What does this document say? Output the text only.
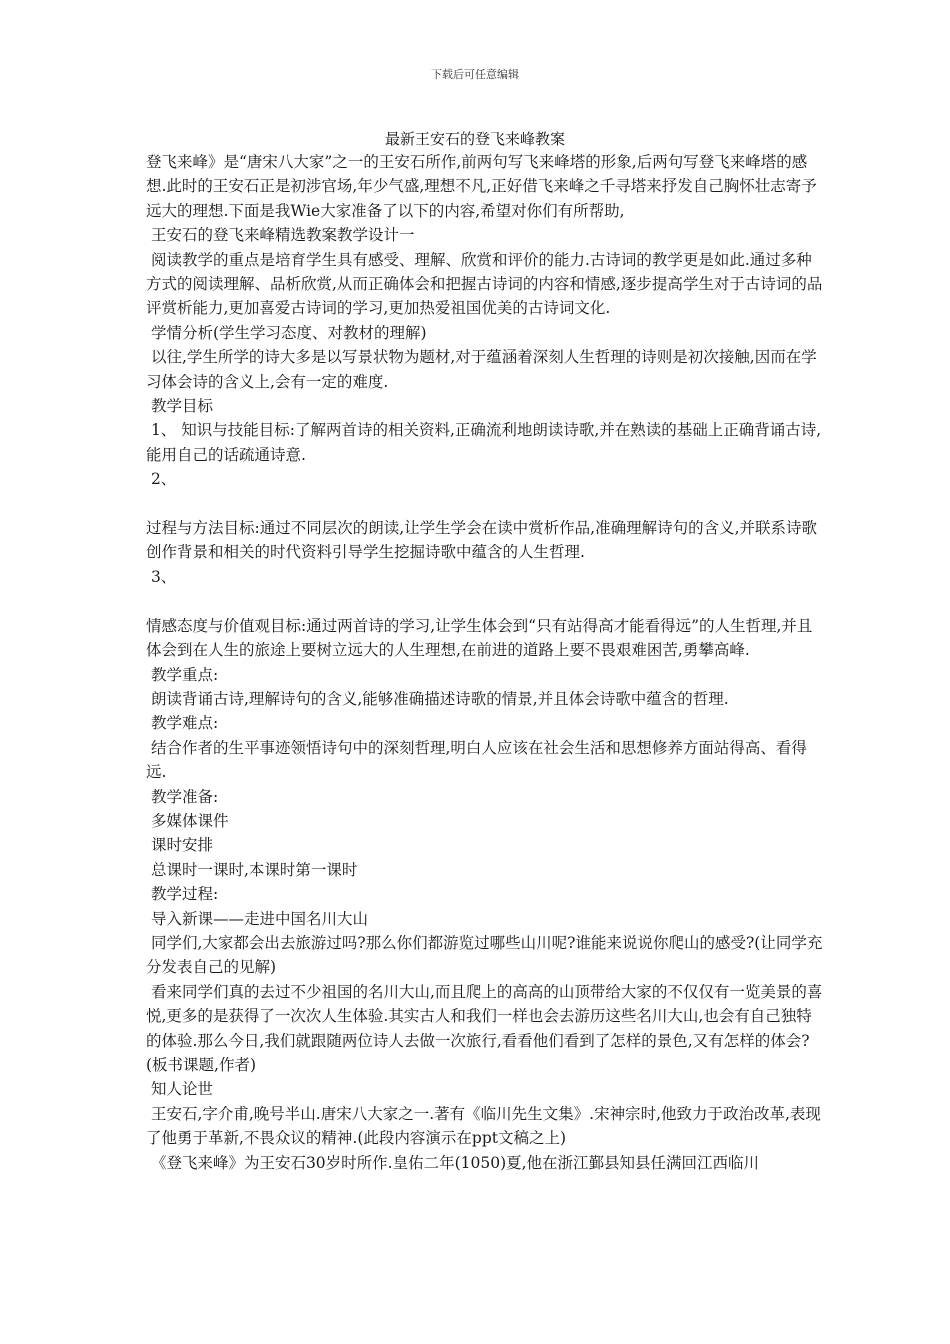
下载后可任意编辑
最新王安石的登飞来峰教案

登飞来峰》是“唐宋八大家”之一的王安石所作,前两句写飞来峰塔的形象,后两句写登飞来峰塔的感想.此时的王安石正是初涉官场,年少气盛,理想不凡,正好借飞来峰之千寻塔来抒发自己胸怀壮志寄予远大的理想.下面是我Wie大家准备了以下的内容,希望对你们有所帮助,

王安石的登飞来峰精选教案教学设计一

阅读教学的重点是培育学生具有感受、理解、欣赏和评价的能力.古诗词的教学更是如此.通过多种方式的阅读理解、品析欣赏,从而正确体会和把握古诗词的内容和情感,逐步提高学生对于古诗词的品评赏析能力,更加喜爱古诗词的学习,更加热爱祖国优美的古诗词文化.

学情分析(学生学习态度、对教材的理解)

以往,学生所学的诗大多是以写景状物为题材,对于蕴涵着深刻人生哲理的诗则是初次接触,因而在学习体会诗的含义上,会有一定的难度.

教学目标

1、 知识与技能目标:了解两首诗的相关资料,正确流利地朗读诗歌,并在熟读的基础上正确背诵古诗,能用自己的话疏通诗意.

2、

过程与方法目标:通过不同层次的朗读,让学生学会在读中赏析作品,准确理解诗句的含义,并联系诗歌创作背景和相关的时代资料引导学生挖掘诗歌中蕴含的人生哲理.

3、

情感态度与价值观目标:通过两首诗的学习,让学生体会到“只有站得高才能看得远”的人生哲理,并且体会到在人生的旅途上要树立远大的人生理想,在前进的道路上要不畏艰难困苦,勇攀高峰.

教学重点:

朗读背诵古诗,理解诗句的含义,能够准确描述诗歌的情景,并且体会诗歌中蕴含的哲理.

教学难点:

结合作者的生平事迹领悟诗句中的深刻哲理,明白人应该在社会生活和思想修养方面站得高、看得远.

教学准备:

多媒体课件

课时安排

总课时一课时,本课时第一课时

教学过程:

导入新课——走进中国名川大山

同学们,大家都会出去旅游过吗?那么你们都游览过哪些山川呢?谁能来说说你爬山的感受?(让同学充分发表自己的见解)

看来同学们真的去过不少祖国的名川大山,而且爬上的高高的山顶带给大家的不仅仅有一览美景的喜悦,更多的是获得了一次次人生体验.其实古人和我们一样也会去游历这些名川大山,也会有自己独特的体验.那么今日,我们就跟随两位诗人去做一次旅行,看看他们看到了怎样的景色,又有怎样的体会?(板书课题,作者)

知人论世

王安石,字介甫,晚号半山.唐宋八大家之一.著有《临川先生文集》.宋神宗时,他致力于政治改革,表现了他勇于革新,不畏众议的精神.(此段内容演示在ppt文稿之上)

《登飞来峰》为王安石30岁时所作.皇佑二年(1050)夏,他在浙江鄞县知县任满回江西临川
